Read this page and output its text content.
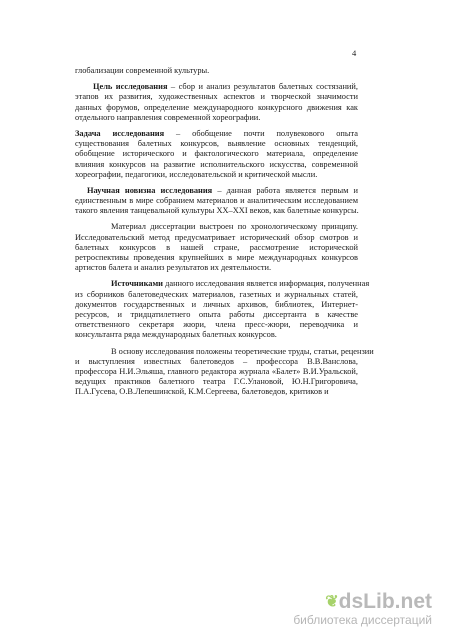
4
глобализации современной культуры.
Цель исследования – сбор и анализ результатов балетных состязаний,
этапов их развития, художественных аспектов и творческой значимости
данных форумов, определение международного конкурсного движения как
отдельного направления современной хореографии.
Задача исследования – обобщение почти полувекового опыта
существования балетных конкурсов, выявление основных тенденций,
обобщение исторического и фактологического материала, определение
влияния конкурсов на развитие исполнительского искусства, современной
хореографии, педагогики, исследовательской и критической мысли.
Научная новизна исследования – данная работа является первым и
единственным в мире собранием материалов и аналитическим исследованием
такого явления танцевальной культуры XX–XXI веков, как балетные конкурсы.
Материал диссертации выстроен по хронологическому принципу.
Исследовательский метод предусматривает исторический обзор смотров и
балетных конкурсов в нашей стране, рассмотрение исторической
ретроспективы проведения крупнейших в мире международных конкурсов
артистов балета и анализ результатов их деятельности.
Источниками данного исследования является информация, полученная
из сборников балетоведческих материалов, газетных и журнальных статей,
документов государственных и личных архивов, библиотек, Интернет-
ресурсов, и тридцатилетнего опыта работы диссертанта в качестве
ответственного секретаря жюри, члена пресс-жюри, переводчика и
консультанта ряда международных балетных конкурсов.
В основу исследования положены теоретические труды, статьи, рецензии
и выступления известных балетоведов – профессора В.В.Ванслова,
профессора Н.И.Эльяша, главного редактора журнала «Балет» В.И.Уральской,
ведущих практиков балетного театра Г.С.Улановой, Ю.Н.Григоровича,
П.А.Гусева, О.В.Лепешинской, К.М.Сергеева, балетоведов, критиков и
❦dsLib.net
библиотека диссертаций
